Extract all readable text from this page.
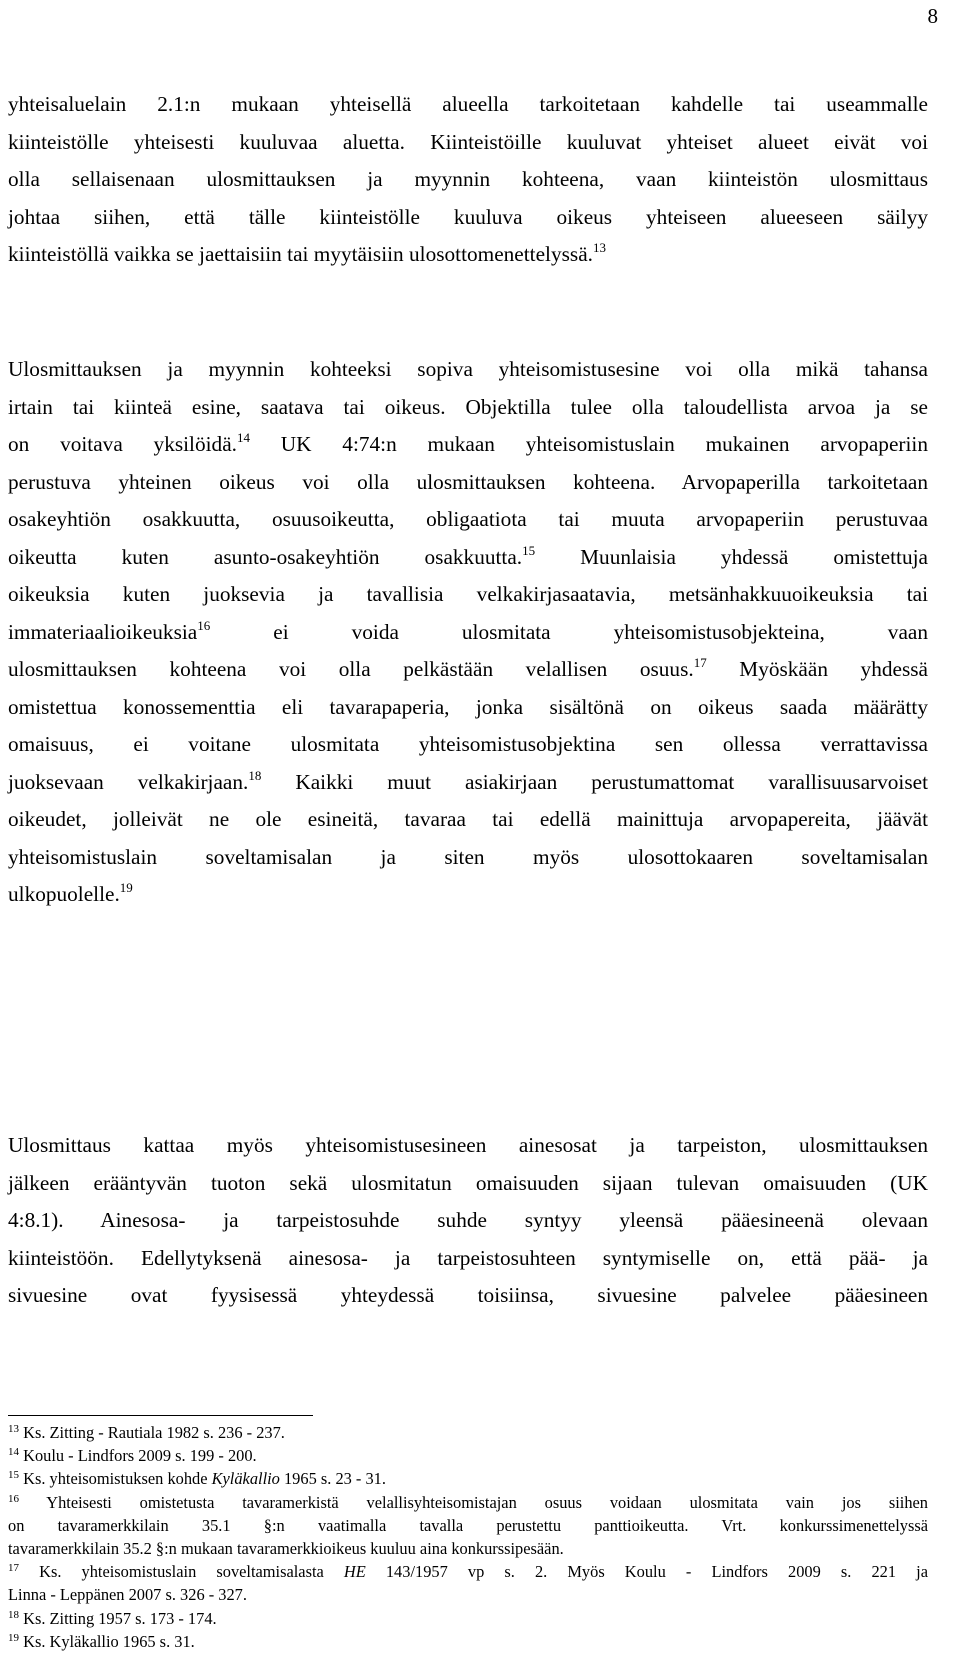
8
yhteisaluelain 2.1:n mukaan yhteisellä alueella tarkoitetaan kahdelle tai useammalle
kiinteistölle yhteisesti kuuluvaa aluetta. Kiinteistöille kuuluvat yhteiset alueet eivät voi
olla sellaisenaan ulosmittauksen ja myynnin kohteena, vaan kiinteistön ulosmittaus
johtaa siihen, että tälle kiinteistölle kuuluva oikeus yhteiseen alueeseen säilyy
kiinteistöllä vaikka se jaettaisiin tai myytäisiin ulosottomenettelyssä.$^{13}$
Ulosmittauksen ja myynnin kohteeksi sopiva yhteisomistusesine voi olla mikä tahansa
irtain tai kiinteä esine, saatava tai oikeus. Objektilla tulee olla taloudellista arvoa ja se
on voitava yksilöidä.$^{14}$ UK 4:74:n mukaan yhteisomistuslain mukainen arvopaperiin
perustuva yhteinen oikeus voi olla ulosmittauksen kohteena. Arvopaperilla tarkoitetaan
osakeyhtiön osakkuutta, osuusoikeutta, obligaatiota tai muuta arvopaperiin perustuvaa
oikeutta kuten asunto-osakeyhtiön osakkuutta.$^{15}$ Muunlaisia yhdessä omistettuja
oikeuksia kuten juoksevia ja tavallisia velkakirjasaatavia, metsänhakkuuoikeuksia tai
immateriaalioikeuksia$^{16}$ ei voida ulosmitata yhteisomistusobjekteina, vaan
ulosmittauksen kohteena voi olla pelkästään velallisen osuus.$^{17}$ Myöskään yhdessä
omistettua konossementtia eli tavarapaperia, jonka sisältönä on oikeus saada määrätty
omaisuus, ei voitane ulosmitata yhteisomistusobjektina sen ollessa verrattavissa
juoksevaan velkakirjaan.$^{18}$ Kaikki muut asiakirjaan perustumattomat varallisuusarvoiset
oikeudet, jolleivät ne ole esineitä, tavaraa tai edellä mainittuja arvopapereita, jäävät
yhteisomistuslain soveltamisalan ja siten myös ulosottokaaren soveltamisalan
ulkopuolelle.$^{19}$
Ulosmittaus kattaa myös yhteisomistusesineen ainesosat ja tarpeiston, ulosmittauksen
jälkeen erääntyvän tuoton sekä ulosmitatun omaisuuden sijaan tulevan omaisuuden (UK
4:8.1). Ainesosa- ja tarpeistosuhde suhde syntyy yleensä pääesineenä olevaan
kiinteistöön. Edellytyksenä ainesosa- ja tarpeistosuhteen syntymiselle on, että pää- ja
sivuesine ovat fyysisessä yhteydessä toisiinsa, sivuesine palvelee pääesineen
$^{13}$ Ks. Zitting - Rautiala 1982 s. 236 - 237.
$^{14}$ Koulu - Lindfors 2009 s. 199 - 200.
$^{15}$ Ks. yhteisomistuksen kohde Kyläkallio 1965 s. 23 - 31.
$^{16}$ Yhteisesti omistetusta tavaramerkistä velallisyhteisomistajan osuus voidaan ulosmitata vain jos siihen
on tavaramerkkilain 35.1 §:n vaatimalla tavalla perustettu panttioikeutta. Vrt. konkurssimenettelyssä
tavaramerkkilain 35.2 §:n mukaan tavaramerkkioikeus kuuluu aina konkurssipesään.
$^{17}$ Ks. yhteisomistuslain soveltamisalasta HE 143/1957 vp s. 2. Myös Koulu - Lindfors 2009 s. 221 ja
Linna - Leppänen 2007 s. 326 - 327.
$^{18}$ Ks. Zitting 1957 s. 173 - 174.
$^{19}$ Ks. Kyläkallio 1965 s. 31.
